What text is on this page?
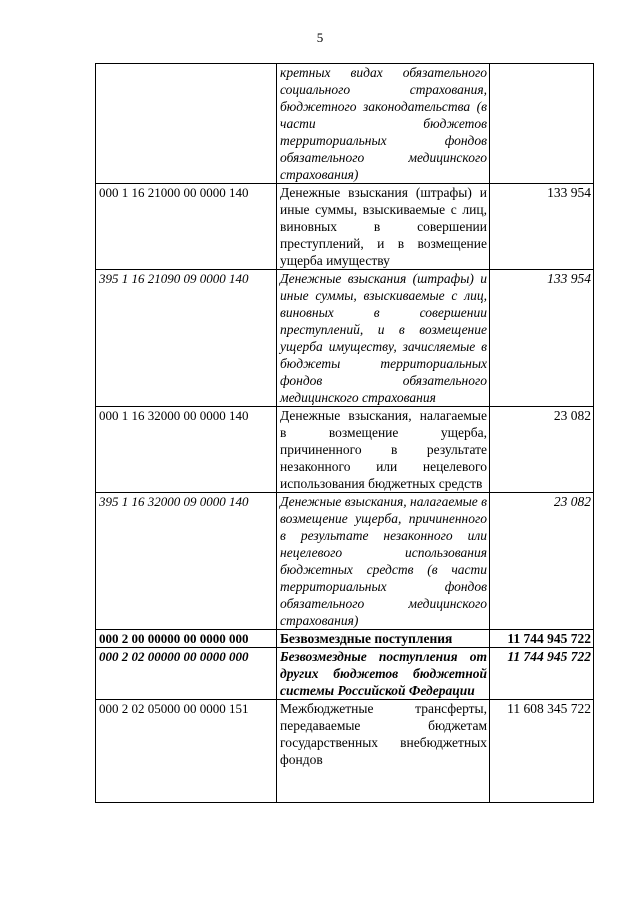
5
	кретных видах обязательного социального страхования, бюджетного законодательства (в части бюджетов территориальных фондов обязательного медицинского страхования)	
000 1 16 21000 00 0000 140	Денежные взыскания (штрафы) и иные суммы, взыскиваемые с лиц, виновных в совершении преступлений, и в возмещение ущерба имуществу	133 954
395 1 16 21090 09 0000 140	Денежные взыскания (штрафы) и иные суммы, взыскиваемые с лиц, виновных в совершении преступлений, и в возмещение ущерба имуществу, зачисляемые в бюджеты территориальных фондов обязательного медицинского страхования	133 954
000 1 16 32000 00 0000 140	Денежные взыскания, налагаемые в возмещение ущерба, причиненного в результате незаконного или нецелевого использования бюджетных средств	23 082
395 1 16 32000 09 0000 140	Денежные взыскания, налагаемые в возмещение ущерба, причиненного в результате незаконного или нецелевого использования бюджетных средств (в части территориальных фондов обязательного медицинского страхования)	23 082
000 2 00 00000 00 0000 000	Безвозмездные поступления	11 744 945 722
000 2 02 00000 00 0000 000	Безвозмездные поступления от других бюджетов бюджетной системы Российской Федерации	11 744 945 722
000 2 02 05000 00 0000 151	Межбюджетные трансферты, передаваемые бюджетам государственных внебюджетных фондов	11 608 345 722
